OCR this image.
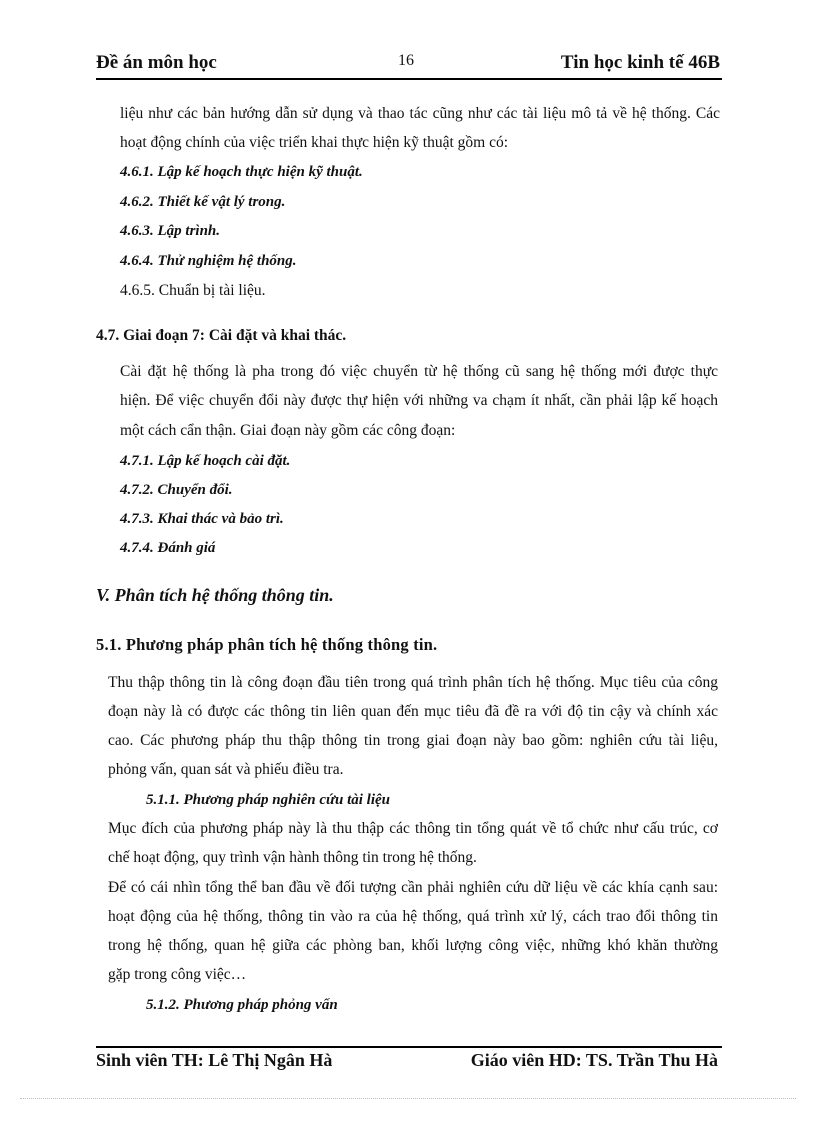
Đề án môn học	16	Tin học kinh tế 46B
liệu như các bản hướng dẫn sử dụng và thao tác cũng như các tài liệu mô tả về hệ thống. Các
hoạt động chính của việc triển khai thực hiện kỹ thuật gồm có:
4.6.1. Lập kế hoạch thực hiện kỹ thuật.
4.6.2. Thiết kế vật lý trong.
4.6.3. Lập trình.
4.6.4. Thử nghiệm hệ thống.
4.6.5. Chuẩn bị tài liệu.
4.7. Giai đoạn 7: Cài đặt và khai thác.
Cài đặt hệ thống là pha trong đó việc chuyển từ hệ thống cũ sang hệ thống mới được thực
hiện. Để việc chuyển đổi này được thự hiện với những va chạm ít nhất, cần phải lập kế hoạch
một cách cẩn thận. Giai đoạn này gồm các công đoạn:
4.7.1. Lập kế hoạch cài đặt.
4.7.2. Chuyển đổi.
4.7.3. Khai thác và bảo trì.
4.7.4. Đánh giá
V. Phân tích hệ thống thông tin.
5.1. Phương pháp phân tích hệ thống thông tin.
Thu thập thông tin là công đoạn đầu tiên trong quá trình phân tích hệ thống. Mục tiêu của công
đoạn này là có được các thông tin liên quan đến mục tiêu đã đề ra với độ tin cậy và chính xác
cao. Các phương pháp thu thập thông tin trong giai đoạn này bao gồm: nghiên cứu tài liệu,
phỏng vấn, quan sát và phiếu điều tra.
5.1.1. Phương pháp nghiên cứu tài liệu
Mục đích của phương pháp này là thu thập các thông tin tổng quát về tổ chức như cấu trúc, cơ
chế hoạt động, quy trình vận hành thông tin trong hệ thống.
Để có cái nhìn tổng thể ban đầu về đối tượng cần phải nghiên cứu dữ liệu về các khía cạnh sau:
hoạt động của hệ thống, thông tin vào ra của hệ thống, quá trình xử lý, cách trao đổi thông tin
trong hệ thống, quan hệ giữa các phòng ban, khối lượng công việc, những khó khăn thường
gặp trong công việc…
5.1.2. Phương pháp phỏng vấn
Sinh viên TH: Lê Thị Ngân Hà	Giáo viên HD: TS. Trần Thu Hà
